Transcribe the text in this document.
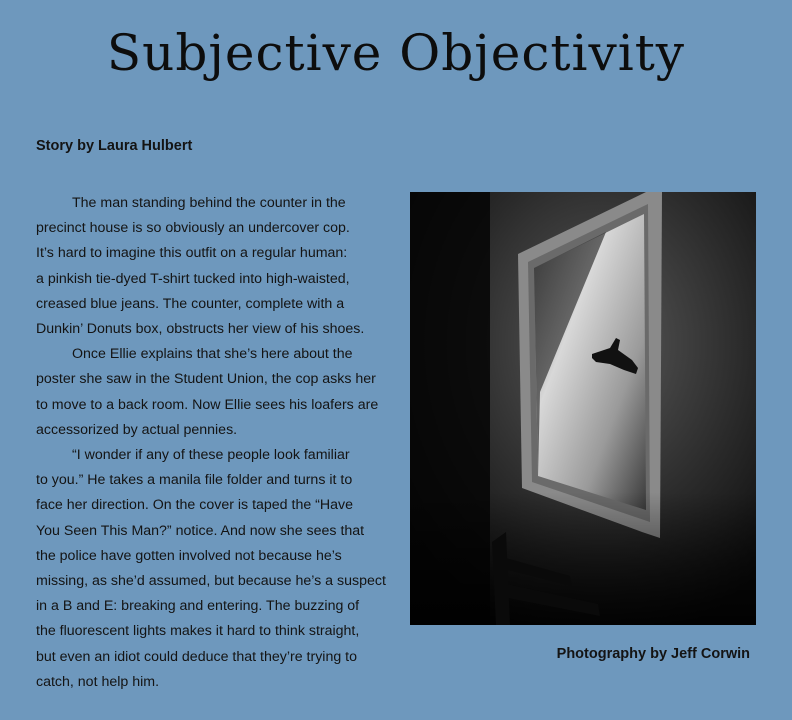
Subjective Objectivity
Story by Laura Hulbert
The man standing behind the counter in the
precinct house is so obviously an undercover cop.
It’s hard to imagine this outfit on a regular human:
a pinkish tie-dyed T-shirt tucked into high-waisted,
creased blue jeans. The counter, complete with a
Dunkin’ Donuts box, obstructs her view of his shoes.
Once Ellie explains that she’s here about the
poster she saw in the Student Union, the cop asks her
to move to a back room. Now Ellie sees his loafers are
accessorized by actual pennies.
“I wonder if any of these people look familiar
to you.” He takes a manila file folder and turns it to
face her direction. On the cover is taped the “Have
You Seen This Man?” notice. And now she sees that
the police have gotten involved not because he’s
missing, as she’d assumed, but because he’s a suspect
in a B and E: breaking and entering. The buzzing of
the fluorescent lights makes it hard to think straight,
but even an idiot could deduce that they’re trying to
catch, not help him.
Photography by Jeff Corwin
